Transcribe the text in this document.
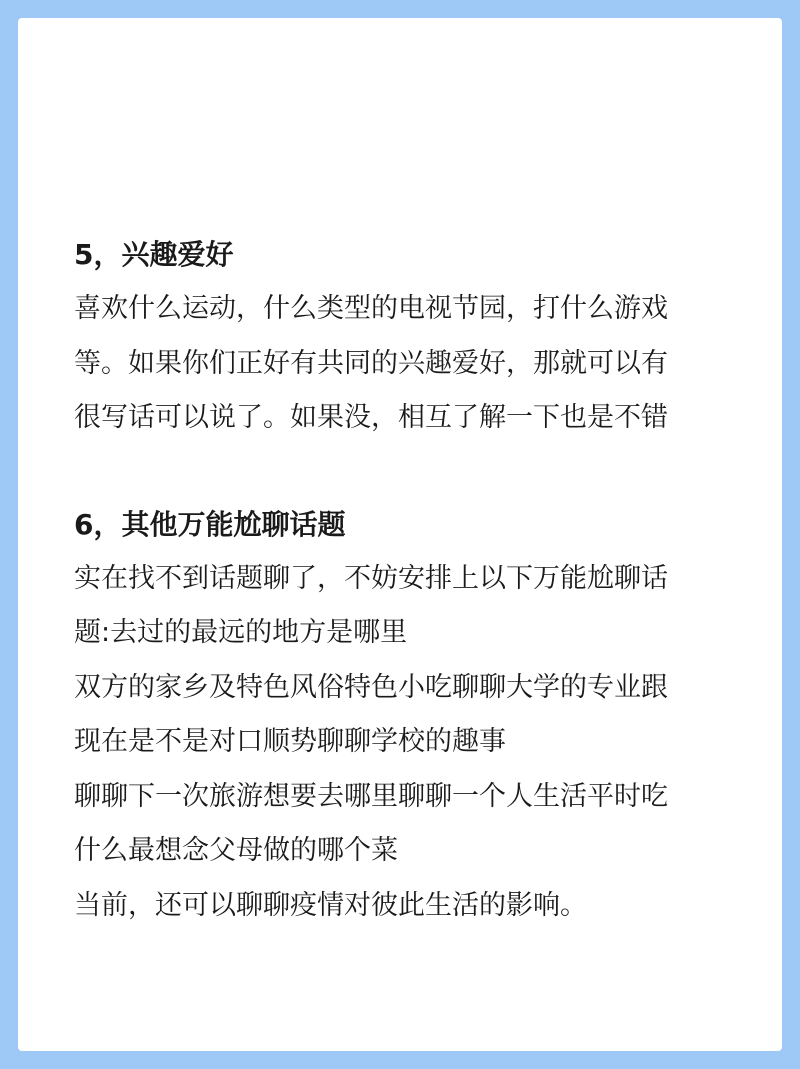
5，兴趣爱好

喜欢什么运动，什么类型的电视节园，打什么游戏
等。如果你们正好有共同的兴趣爱好，那就可以有
很写话可以说了。如果没，相互了解一下也是不错

6，其他万能尬聊话题

实在找不到话题聊了，不妨安排上以下万能尬聊话
题:去过的最远的地方是哪里
双方的家乡及特色风俗特色小吃聊聊大学的专业跟
现在是不是对口顺势聊聊学校的趣事
聊聊下一次旅游想要去哪里聊聊一个人生活平时吃
什么最想念父母做的哪个菜
当前，还可以聊聊疫情对彼此生活的影响。
